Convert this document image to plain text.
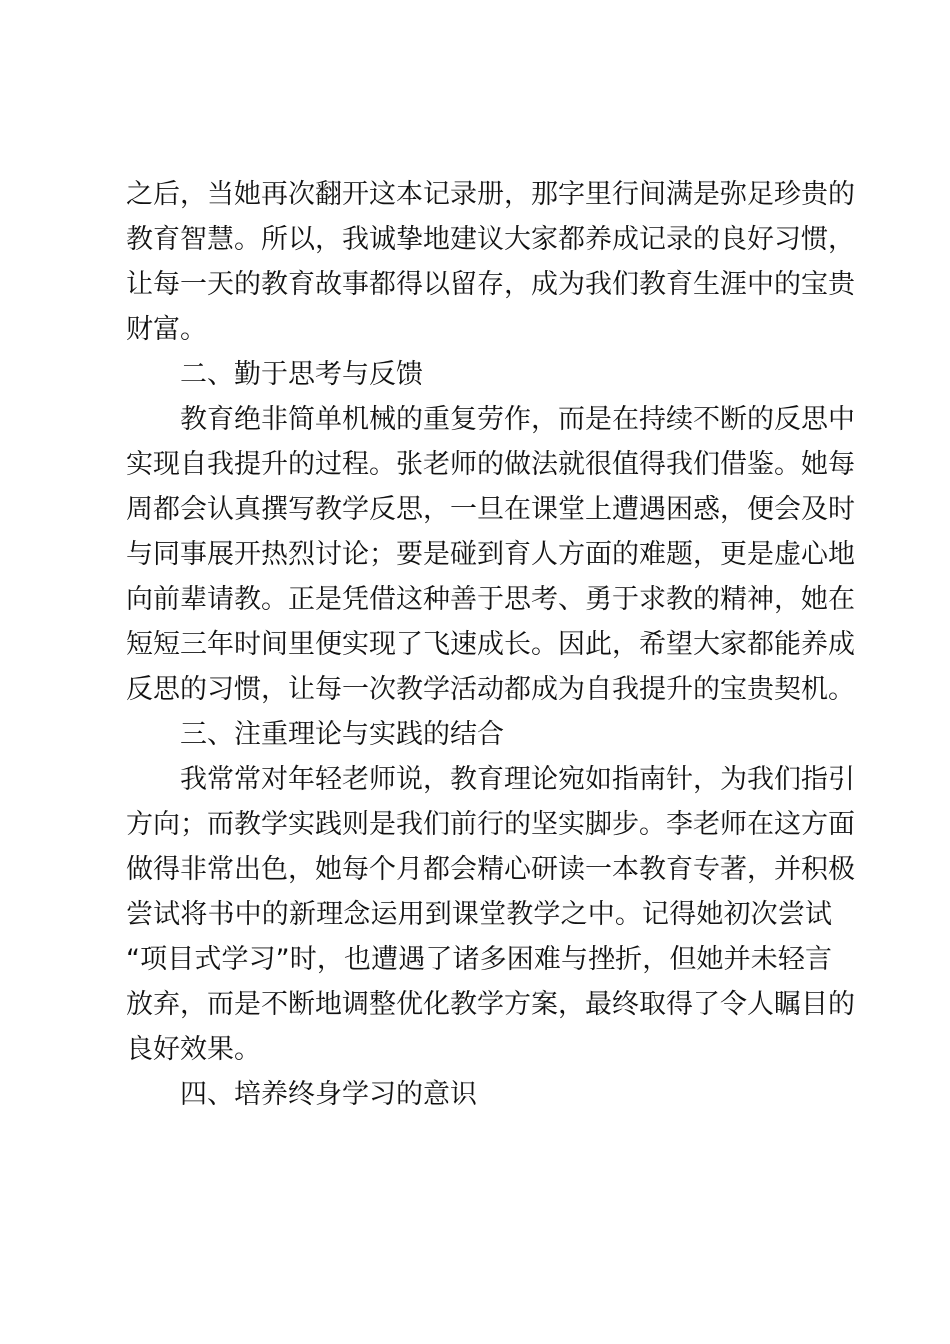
之后，当她再次翻开这本记录册，那字里行间满是弥足珍贵的

教育智慧。所以，我诚挚地建议大家都养成记录的良好习惯，

让每一天的教育故事都得以留存，成为我们教育生涯中的宝贵

财富。

二、勤于思考与反馈

教育绝非简单机械的重复劳作，而是在持续不断的反思中

实现自我提升的过程。张老师的做法就很值得我们借鉴。她每

周都会认真撰写教学反思，一旦在课堂上遭遇困惑，便会及时

与同事展开热烈讨论；要是碰到育人方面的难题，更是虚心地

向前辈请教。正是凭借这种善于思考、勇于求教的精神，她在

短短三年时间里便实现了飞速成长。因此，希望大家都能养成

反思的习惯，让每一次教学活动都成为自我提升的宝贵契机。

三、注重理论与实践的结合

我常常对年轻老师说，教育理论宛如指南针，为我们指引

方向；而教学实践则是我们前行的坚实脚步。李老师在这方面

做得非常出色，她每个月都会精心研读一本教育专著，并积极

尝试将书中的新理念运用到课堂教学之中。记得她初次尝试

“项目式学习”时，也遭遇了诸多困难与挫折，但她并未轻言

放弃，而是不断地调整优化教学方案，最终取得了令人瞩目的

良好效果。

四、培养终身学习的意识
